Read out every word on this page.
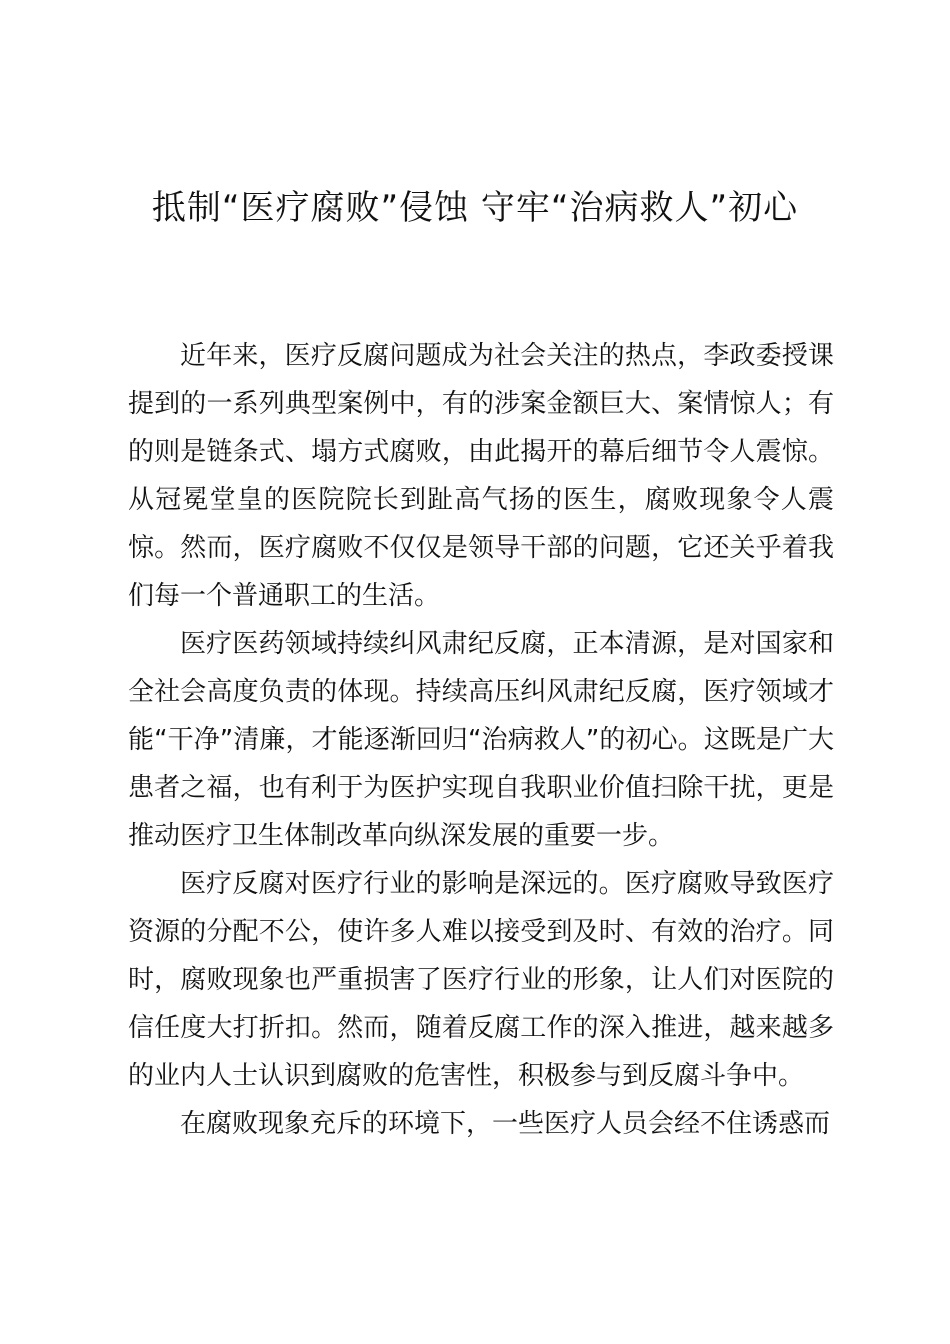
抵制“医疗腐败”侵蚀 守牢“治病救人”初心

近年来，医疗反腐问题成为社会关注的热点，李政委授课提到的一系列典型案例中，有的涉案金额巨大、案情惊人；有的则是链条式、塌方式腐败，由此揭开的幕后细节令人震惊。从冠冕堂皇的医院院长到趾高气扬的医生，腐败现象令人震惊。然而，医疗腐败不仅仅是领导干部的问题，它还关乎着我们每一个普通职工的生活。

医疗医药领域持续纠风肃纪反腐，正本清源，是对国家和全社会高度负责的体现。持续高压纠风肃纪反腐，医疗领域才能“干净”清廉，才能逐渐回归“治病救人”的初心。这既是广大患者之福，也有利于为医护实现自我职业价值扫除干扰，更是推动医疗卫生体制改革向纵深发展的重要一步。

医疗反腐对医疗行业的影响是深远的。医疗腐败导致医疗资源的分配不公，使许多人难以接受到及时、有效的治疗。同时，腐败现象也严重损害了医疗行业的形象，让人们对医院的信任度大打折扣。然而，随着反腐工作的深入推进，越来越多的业内人士认识到腐败的危害性，积极参与到反腐斗争中。

在腐败现象充斥的环境下，一些医疗人员会经不住诱惑而
